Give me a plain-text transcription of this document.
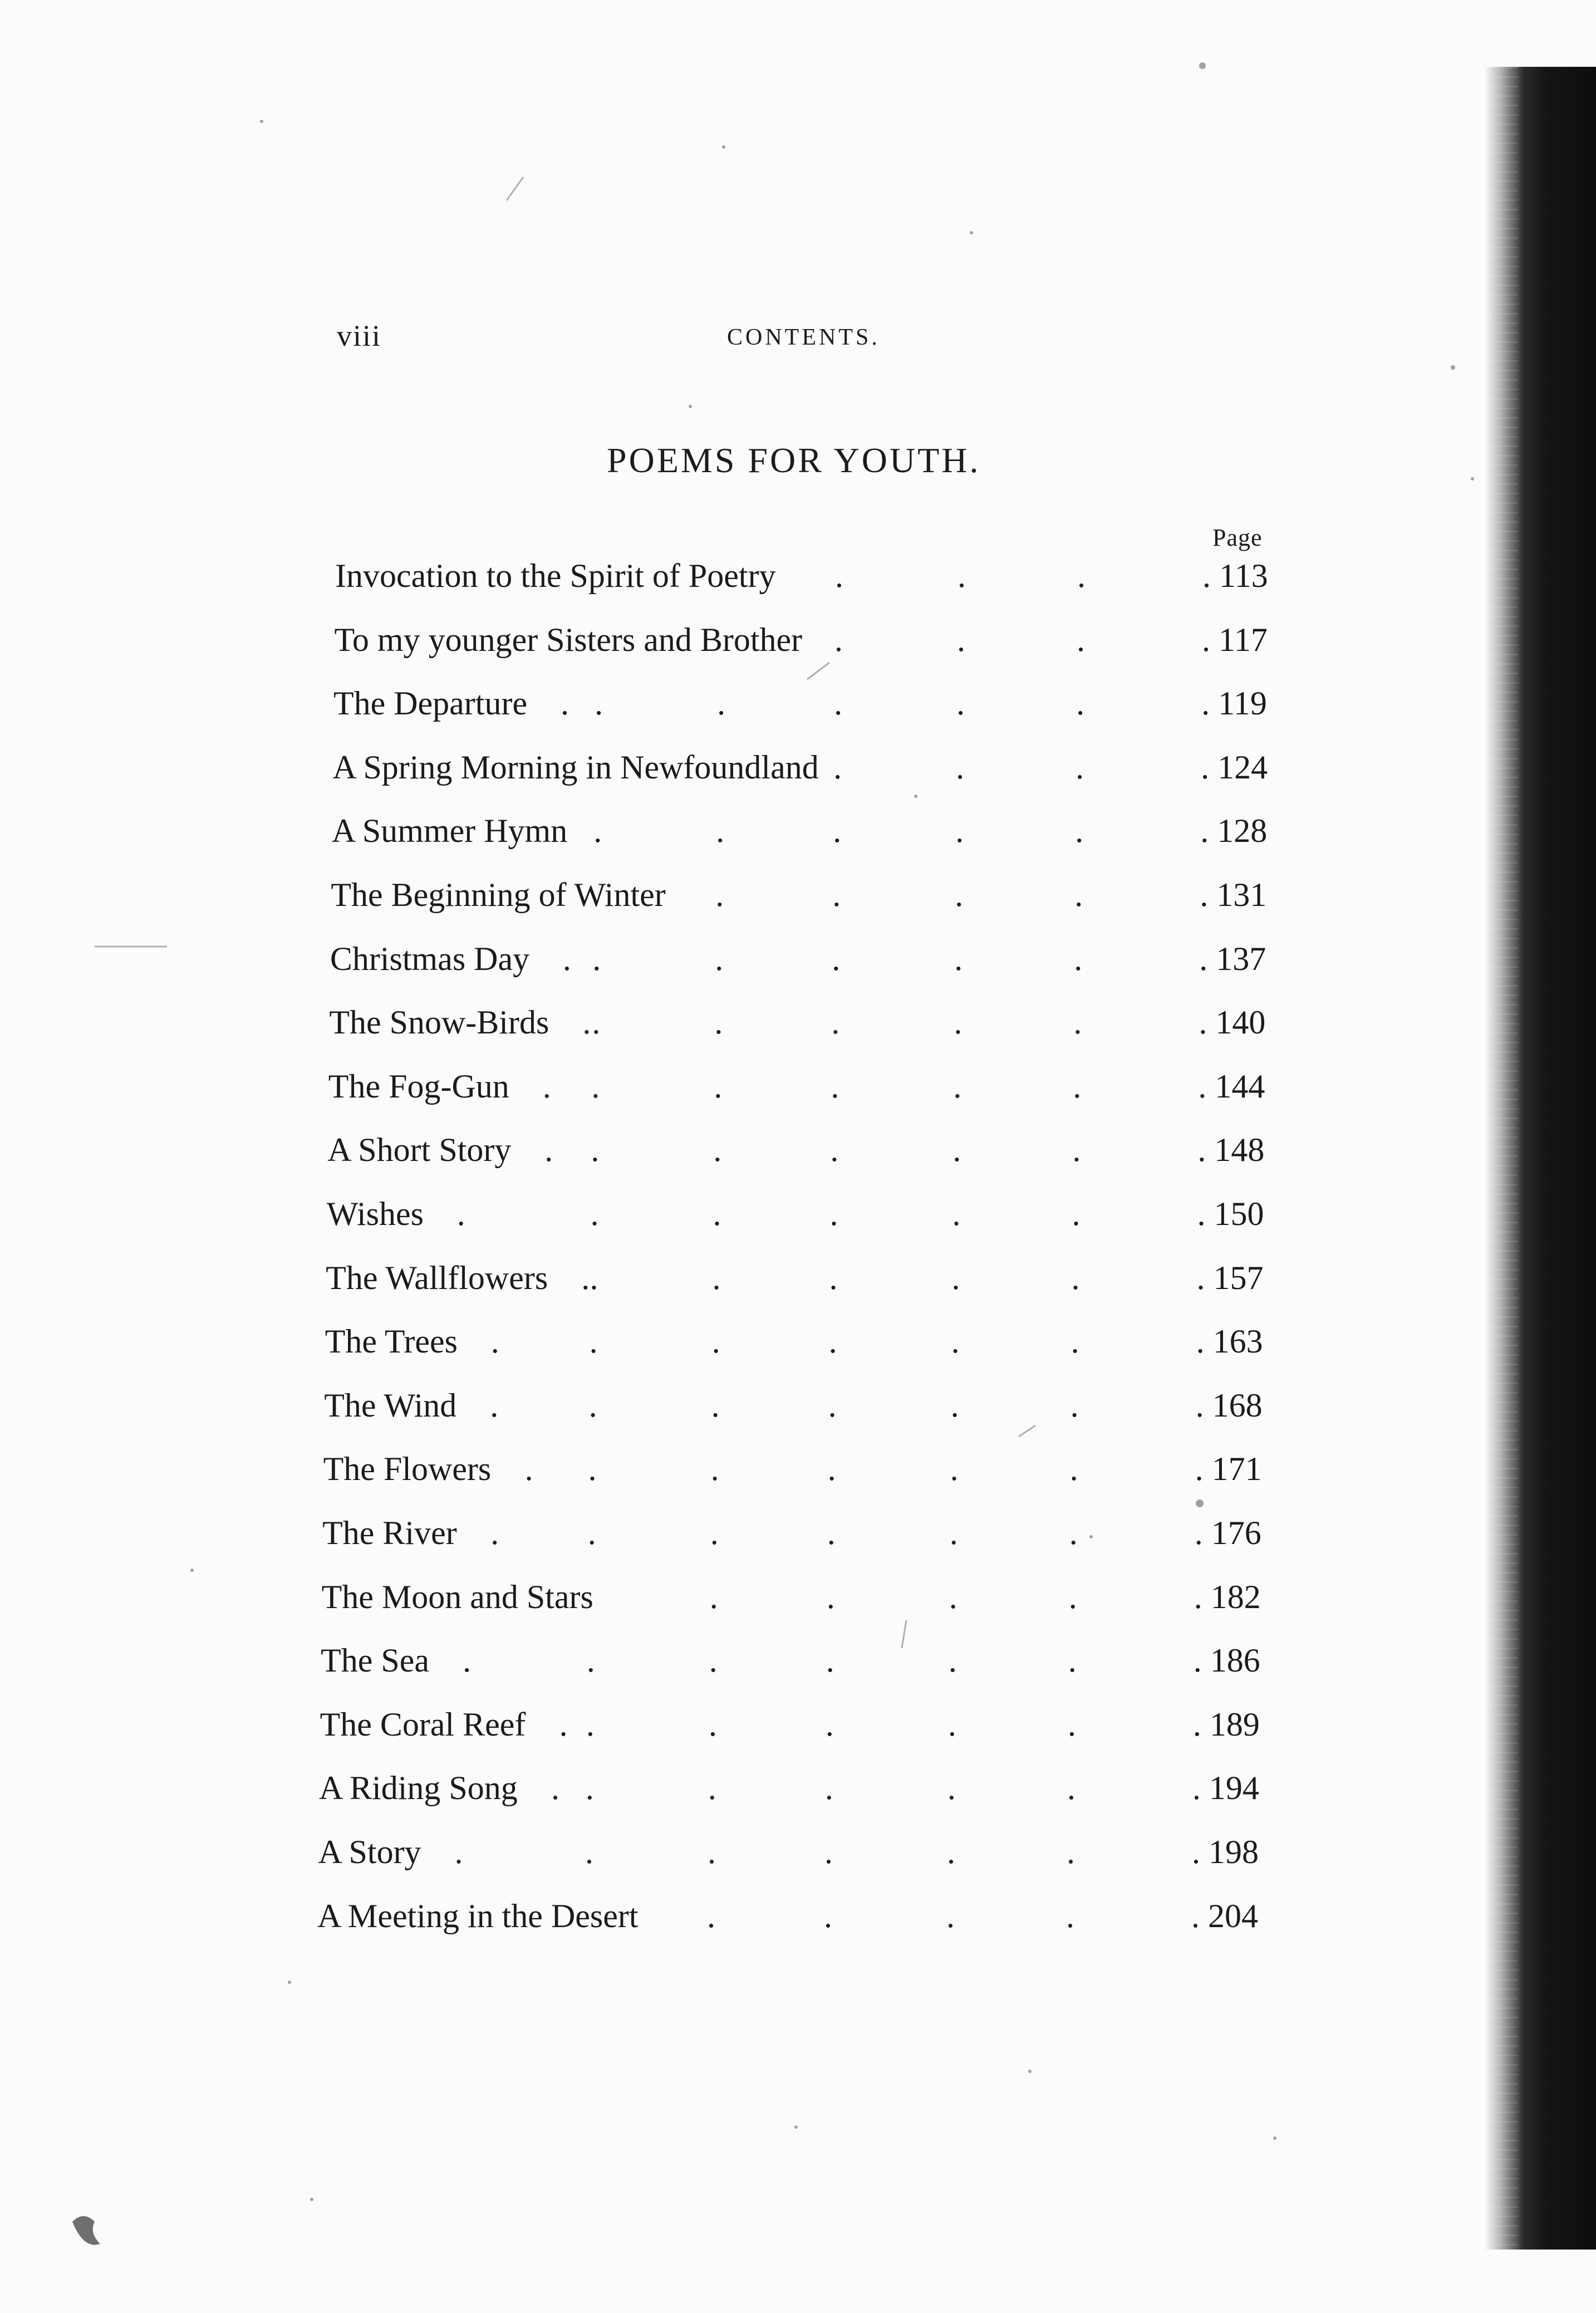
viii	CONTENTS.
POEMS FOR YOUTH.
Page
Invocation to the Spirit of Poetry	. 113
.	.	.
To my younger Sisters and Brother	. 117
.	.	.
The Departure	. 119
.	.	.	.	.
.
A Spring Morning in Newfoundland	. 124
.	.	.
A Summer Hymn	. 128
.	.	.	.	.
The Beginning of Winter	. 131
.	.	.	.
Christmas Day	. 137
.	.	.	.	.
.
The Snow-Birds	. 140
.	.	.	.	.
.
The Fog-Gun	. 144
.	.	.	.	.
.
A Short Story	. 148
.	.	.	.	.
.
Wishes	. 150
.	.	.	.	.
.
The Wallflowers	. 157
.	.	.	.	.
.
The Trees	. 163
.	.	.	.	.
.
The Wind	. 168
.	.	.	.	.
.
The Flowers	. 171
.	.	.	.	.
.
The River	. 176
.	.	.	.	.
.
The Moon and Stars	. 182
.	.	.	.
The Sea	. 186
.	.	.	.	.
.
The Coral Reef	. 189
.	.	.	.	.
.
A Riding Song	. 194
.	.	.	.	.
.
A Story	. 198
.	.	.	.	.
.
A Meeting in the Desert	. 204
.	.	.	.
